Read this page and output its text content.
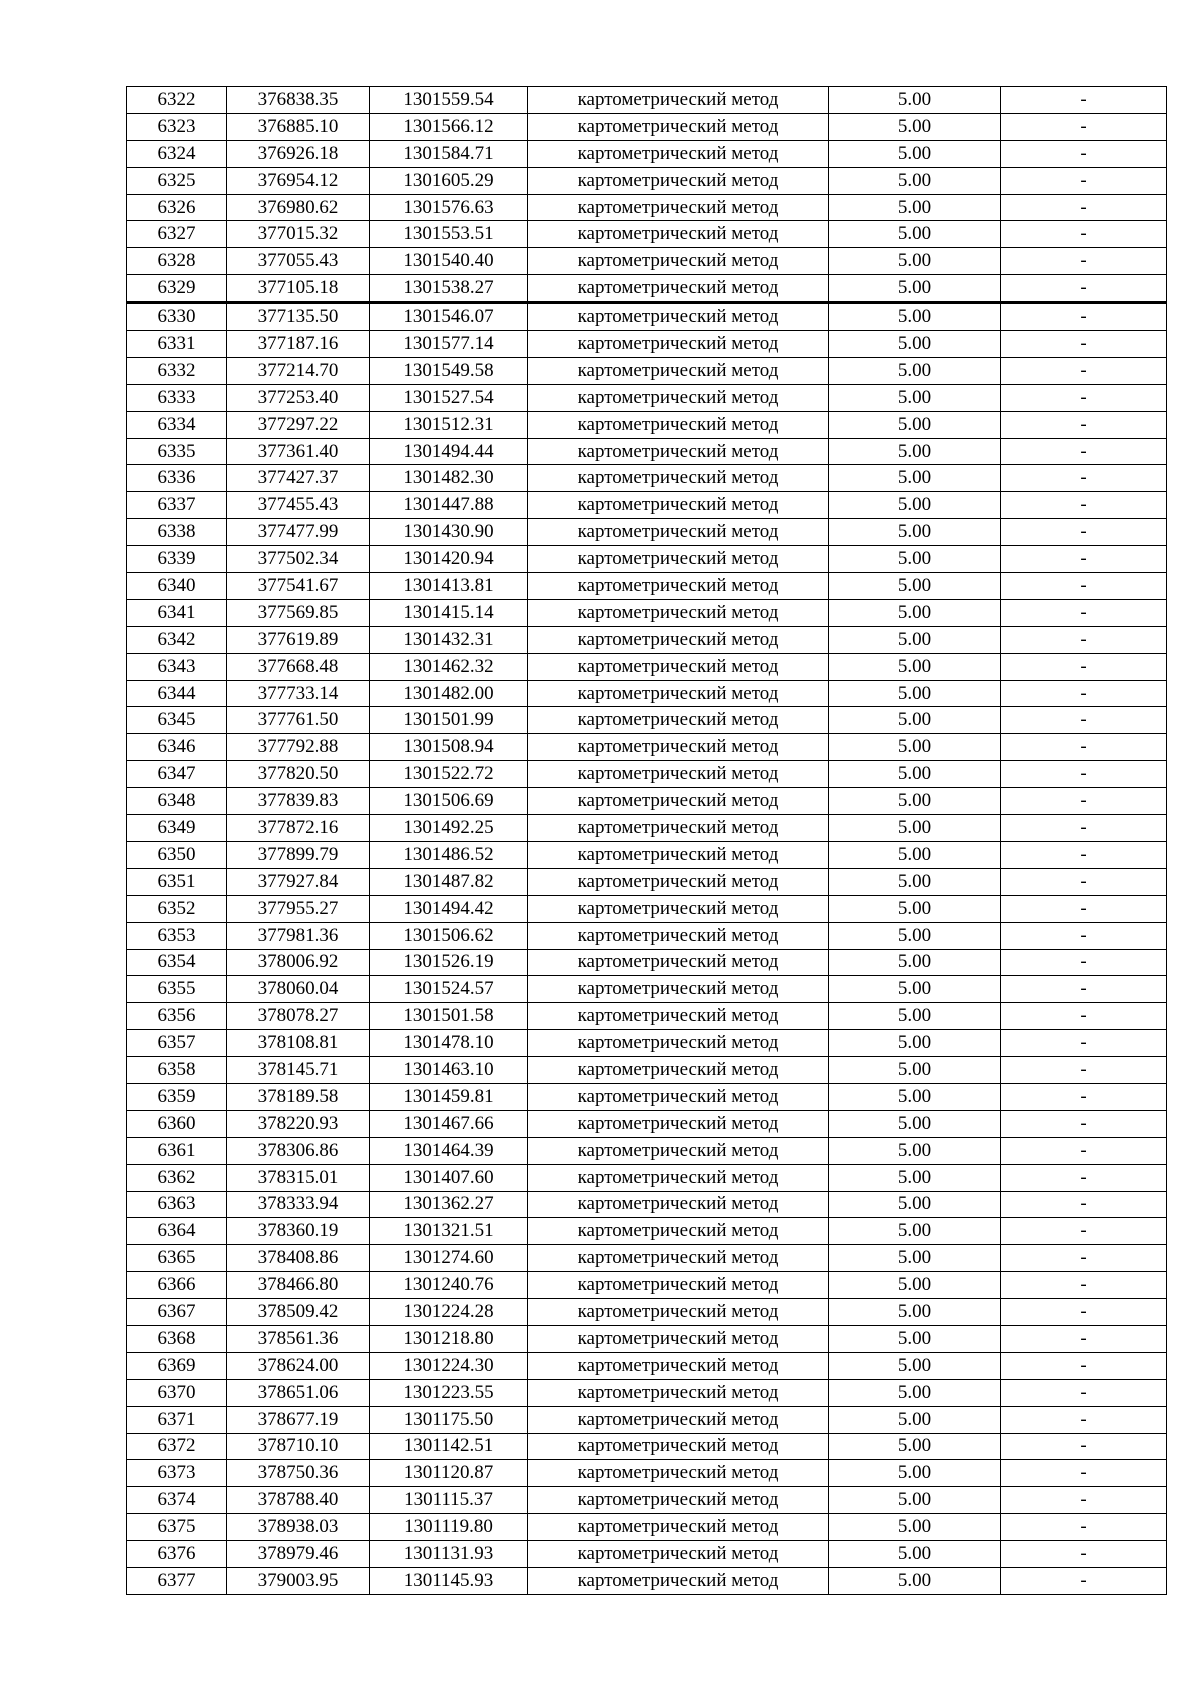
6322	376838.35	1301559.54	картометрический метод	5.00	-
6323	376885.10	1301566.12	картометрический метод	5.00	-
6324	376926.18	1301584.71	картометрический метод	5.00	-
6325	376954.12	1301605.29	картометрический метод	5.00	-
6326	376980.62	1301576.63	картометрический метод	5.00	-
6327	377015.32	1301553.51	картометрический метод	5.00	-
6328	377055.43	1301540.40	картометрический метод	5.00	-
6329	377105.18	1301538.27	картометрический метод	5.00	-
6330	377135.50	1301546.07	картометрический метод	5.00	-
6331	377187.16	1301577.14	картометрический метод	5.00	-
6332	377214.70	1301549.58	картометрический метод	5.00	-
6333	377253.40	1301527.54	картометрический метод	5.00	-
6334	377297.22	1301512.31	картометрический метод	5.00	-
6335	377361.40	1301494.44	картометрический метод	5.00	-
6336	377427.37	1301482.30	картометрический метод	5.00	-
6337	377455.43	1301447.88	картометрический метод	5.00	-
6338	377477.99	1301430.90	картометрический метод	5.00	-
6339	377502.34	1301420.94	картометрический метод	5.00	-
6340	377541.67	1301413.81	картометрический метод	5.00	-
6341	377569.85	1301415.14	картометрический метод	5.00	-
6342	377619.89	1301432.31	картометрический метод	5.00	-
6343	377668.48	1301462.32	картометрический метод	5.00	-
6344	377733.14	1301482.00	картометрический метод	5.00	-
6345	377761.50	1301501.99	картометрический метод	5.00	-
6346	377792.88	1301508.94	картометрический метод	5.00	-
6347	377820.50	1301522.72	картометрический метод	5.00	-
6348	377839.83	1301506.69	картометрический метод	5.00	-
6349	377872.16	1301492.25	картометрический метод	5.00	-
6350	377899.79	1301486.52	картометрический метод	5.00	-
6351	377927.84	1301487.82	картометрический метод	5.00	-
6352	377955.27	1301494.42	картометрический метод	5.00	-
6353	377981.36	1301506.62	картометрический метод	5.00	-
6354	378006.92	1301526.19	картометрический метод	5.00	-
6355	378060.04	1301524.57	картометрический метод	5.00	-
6356	378078.27	1301501.58	картометрический метод	5.00	-
6357	378108.81	1301478.10	картометрический метод	5.00	-
6358	378145.71	1301463.10	картометрический метод	5.00	-
6359	378189.58	1301459.81	картометрический метод	5.00	-
6360	378220.93	1301467.66	картометрический метод	5.00	-
6361	378306.86	1301464.39	картометрический метод	5.00	-
6362	378315.01	1301407.60	картометрический метод	5.00	-
6363	378333.94	1301362.27	картометрический метод	5.00	-
6364	378360.19	1301321.51	картометрический метод	5.00	-
6365	378408.86	1301274.60	картометрический метод	5.00	-
6366	378466.80	1301240.76	картометрический метод	5.00	-
6367	378509.42	1301224.28	картометрический метод	5.00	-
6368	378561.36	1301218.80	картометрический метод	5.00	-
6369	378624.00	1301224.30	картометрический метод	5.00	-
6370	378651.06	1301223.55	картометрический метод	5.00	-
6371	378677.19	1301175.50	картометрический метод	5.00	-
6372	378710.10	1301142.51	картометрический метод	5.00	-
6373	378750.36	1301120.87	картометрический метод	5.00	-
6374	378788.40	1301115.37	картометрический метод	5.00	-
6375	378938.03	1301119.80	картометрический метод	5.00	-
6376	378979.46	1301131.93	картометрический метод	5.00	-
6377	379003.95	1301145.93	картометрический метод	5.00	-
